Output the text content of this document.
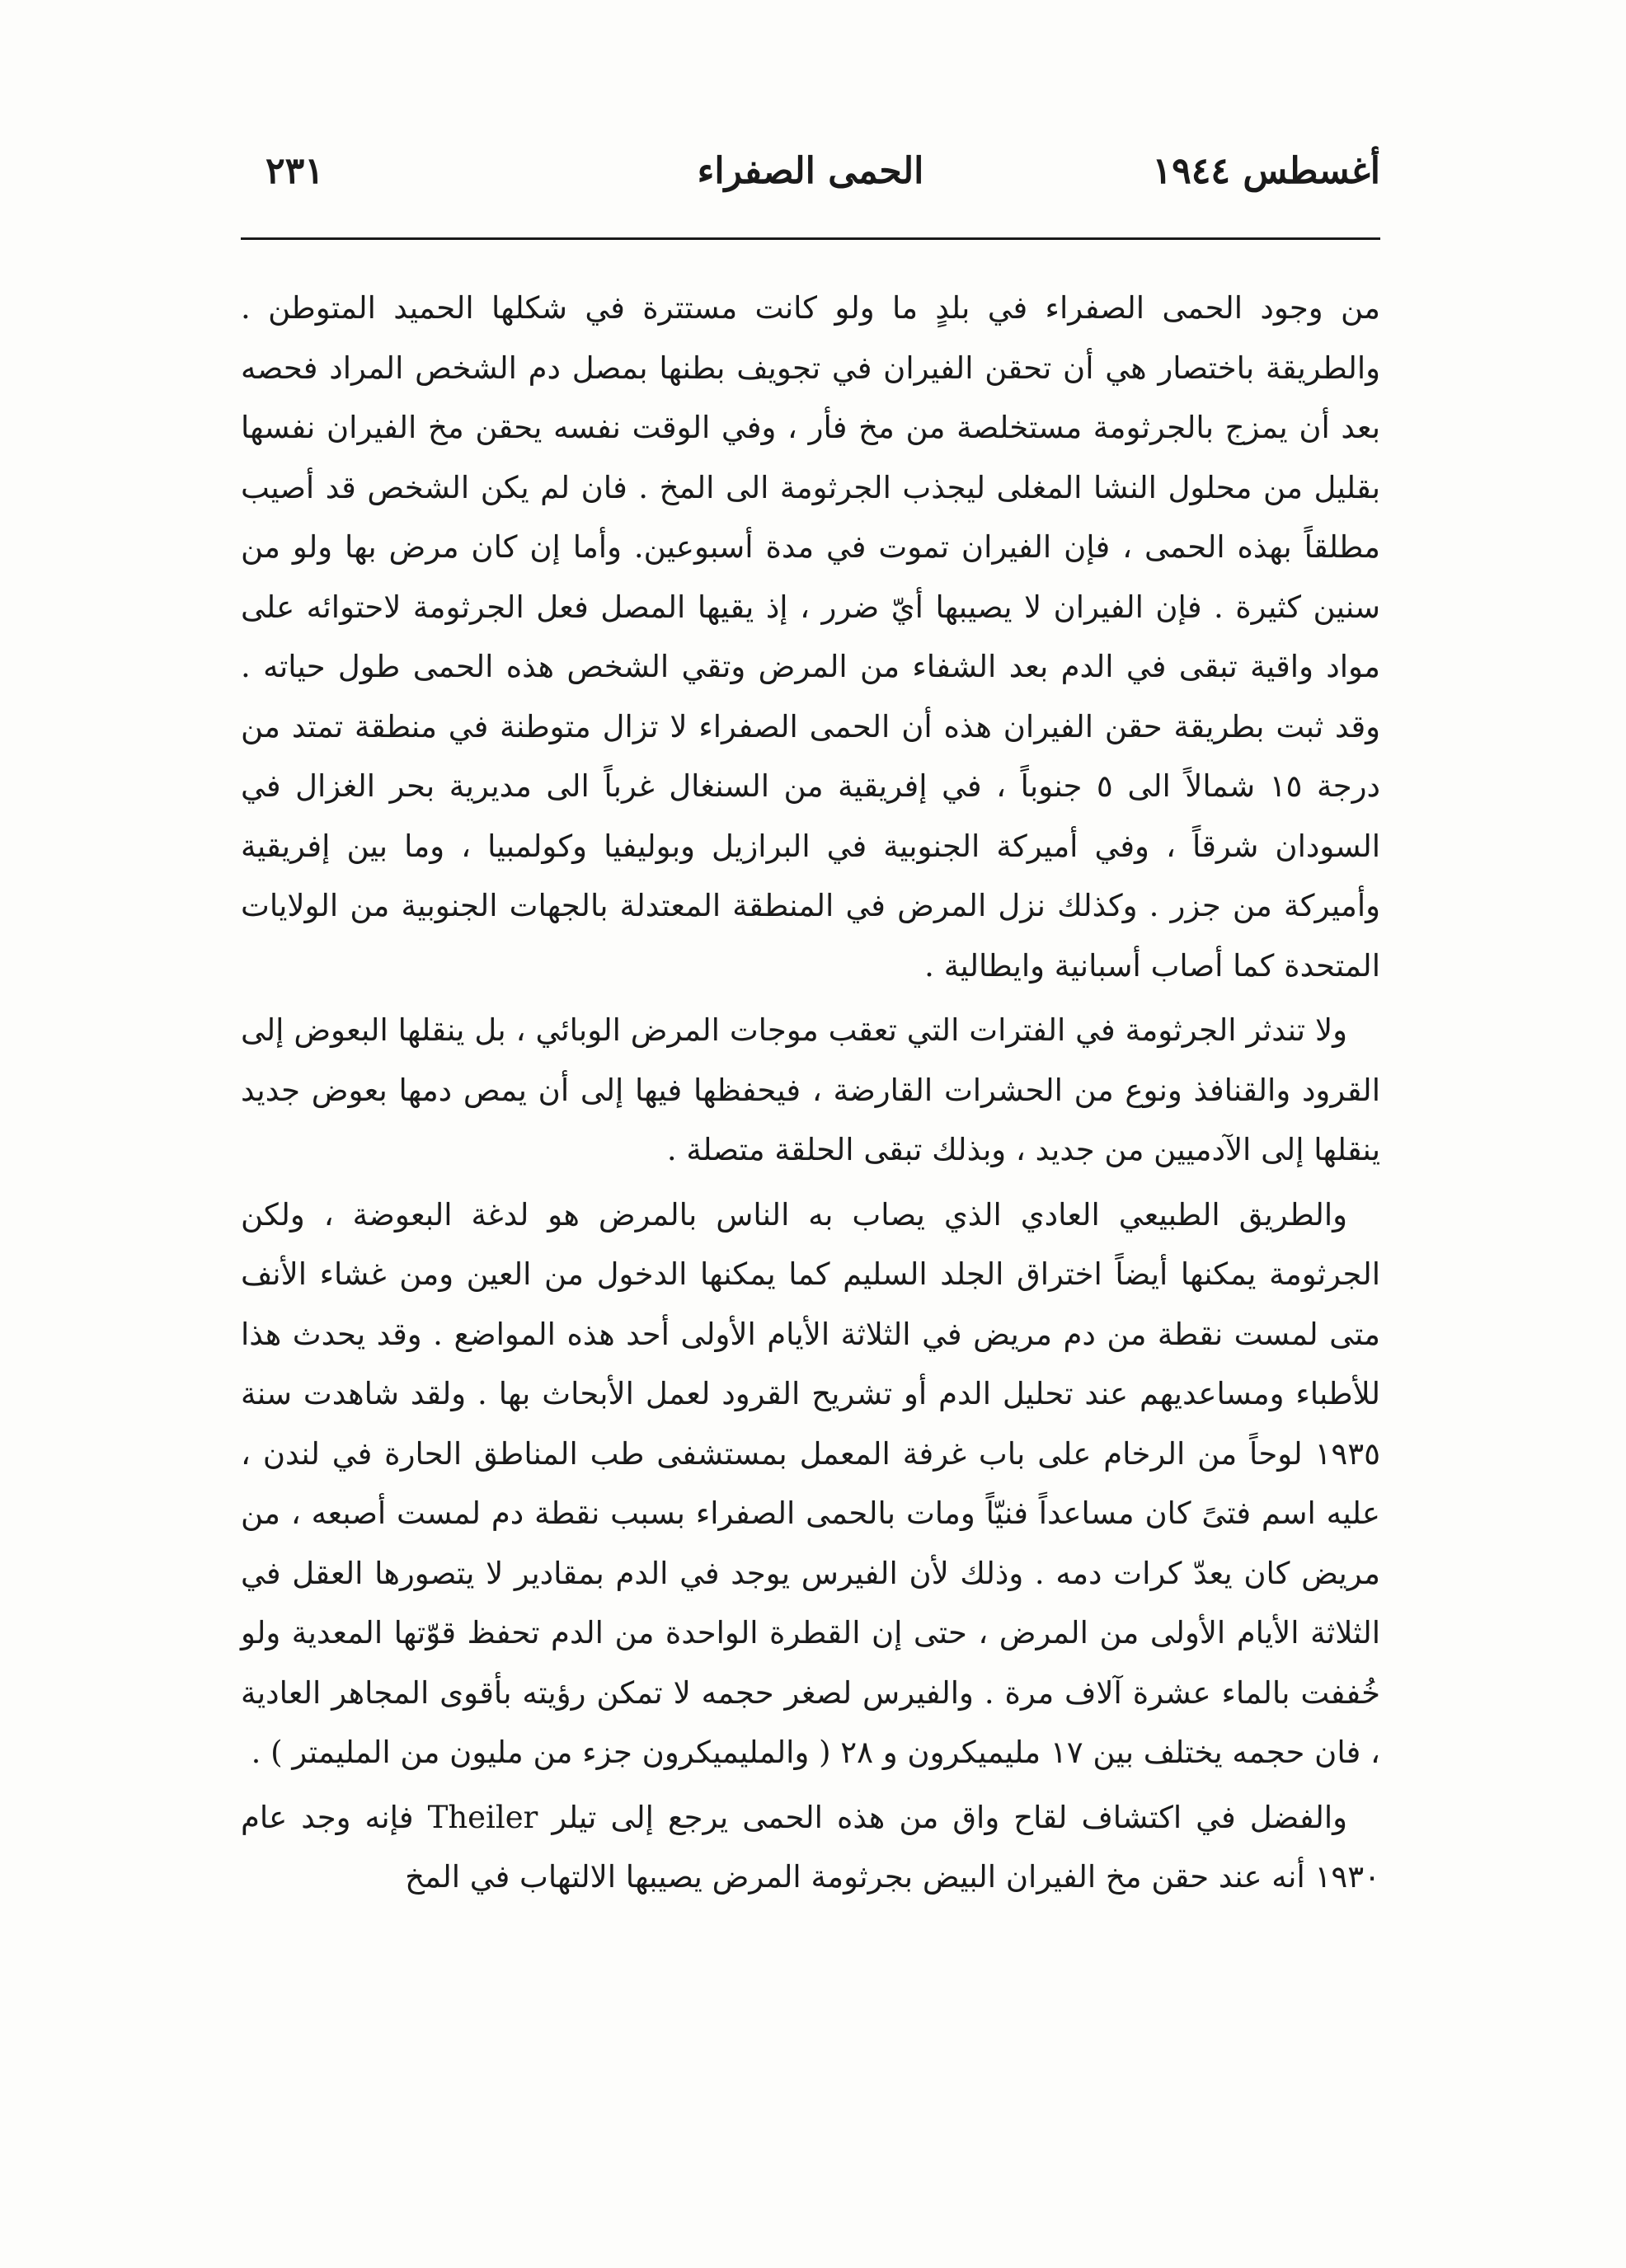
أغسطس ١٩٤٤
الحمى الصفراء
٢٣١

من وجود الحمى الصفراء في بلدٍ ما ولو كانت مستترة في شكلها الحميد المتوطن . والطريقة باختصار هي أن تحقن الفيران في تجويف بطنها بمصل دم الشخص المراد فحصه بعد أن يمزج بالجرثومة مستخلصة من مخ فأر ، وفي الوقت نفسه يحقن مخ الفيران نفسها بقليل من محلول النشا المغلى ليجذب الجرثومة الى المخ . فان لم يكن الشخص قد أصيب مطلقاً بهذه الحمى ، فإن الفيران تموت في مدة أسبوعين. وأما إن كان مرض بها ولو من سنين كثيرة . فإن الفيران لا يصيبها أيّ ضرر ، إذ يقيها المصل فعل الجرثومة لاحتوائه على مواد واقية تبقى في الدم بعد الشفاء من المرض وتقي الشخص هذه الحمى طول حياته . وقد ثبت بطريقة حقن الفيران هذه أن الحمى الصفراء لا تزال متوطنة في منطقة تمتد من درجة ١٥ شمالاً الى ٥ جنوباً ، في إفريقية من السنغال غرباً الى مديرية بحر الغزال في السودان شرقاً ، وفي أميركة الجنوبية في البرازيل وبوليفيا وكولمبيا ، وما بين إفريقية وأميركة من جزر . وكذلك نزل المرض في المنطقة المعتدلة بالجهات الجنوبية من الولايات المتحدة كما أصاب أسبانية وايطالية .

ولا تندثر الجرثومة في الفترات التي تعقب موجات المرض الوبائي ، بل ينقلها البعوض إلى القرود والقنافذ ونوع من الحشرات القارضة ، فيحفظها فيها إلى أن يمص دمها بعوض جديد ينقلها إلى الآدميين من جديد ، وبذلك تبقى الحلقة متصلة .

والطريق الطبيعي العادي الذي يصاب به الناس بالمرض هو لدغة البعوضة ، ولكن الجرثومة يمكنها أيضاً اختراق الجلد السليم كما يمكنها الدخول من العين ومن غشاء الأنف متى لمست نقطة من دم مريض في الثلاثة الأيام الأولى أحد هذه المواضع . وقد يحدث هذا للأطباء ومساعديهم عند تحليل الدم أو تشريح القرود لعمل الأبحاث بها . ولقد شاهدت سنة ١٩٣٥ لوحاً من الرخام على باب غرفة المعمل بمستشفى طب المناطق الحارة في لندن ، عليه اسم فتىً كان مساعداً فنيّاً ومات بالحمى الصفراء بسبب نقطة دم لمست أصبعه ، من مريض كان يعدّ كرات دمه . وذلك لأن الفيرس يوجد في الدم بمقادير لا يتصورها العقل في الثلاثة الأيام الأولى من المرض ، حتى إن القطرة الواحدة من الدم تحفظ قوّتها المعدية ولو خُففت بالماء عشرة آلاف مرة . والفيرس لصغر حجمه لا تمكن رؤيته بأقوى المجاهر العادية ، فان حجمه يختلف بين ١٧ مليميكرون و ٢٨ ( والمليميكرون جزء من مليون من المليمتر ) .

والفضل في اكتشاف لقاح واق من هذه الحمى يرجع إلى تيلر Theiler فإنه وجد عام ١٩٣٠ أنه عند حقن مخ الفيران البيض بجرثومة المرض يصيبها الالتهاب في المخ
